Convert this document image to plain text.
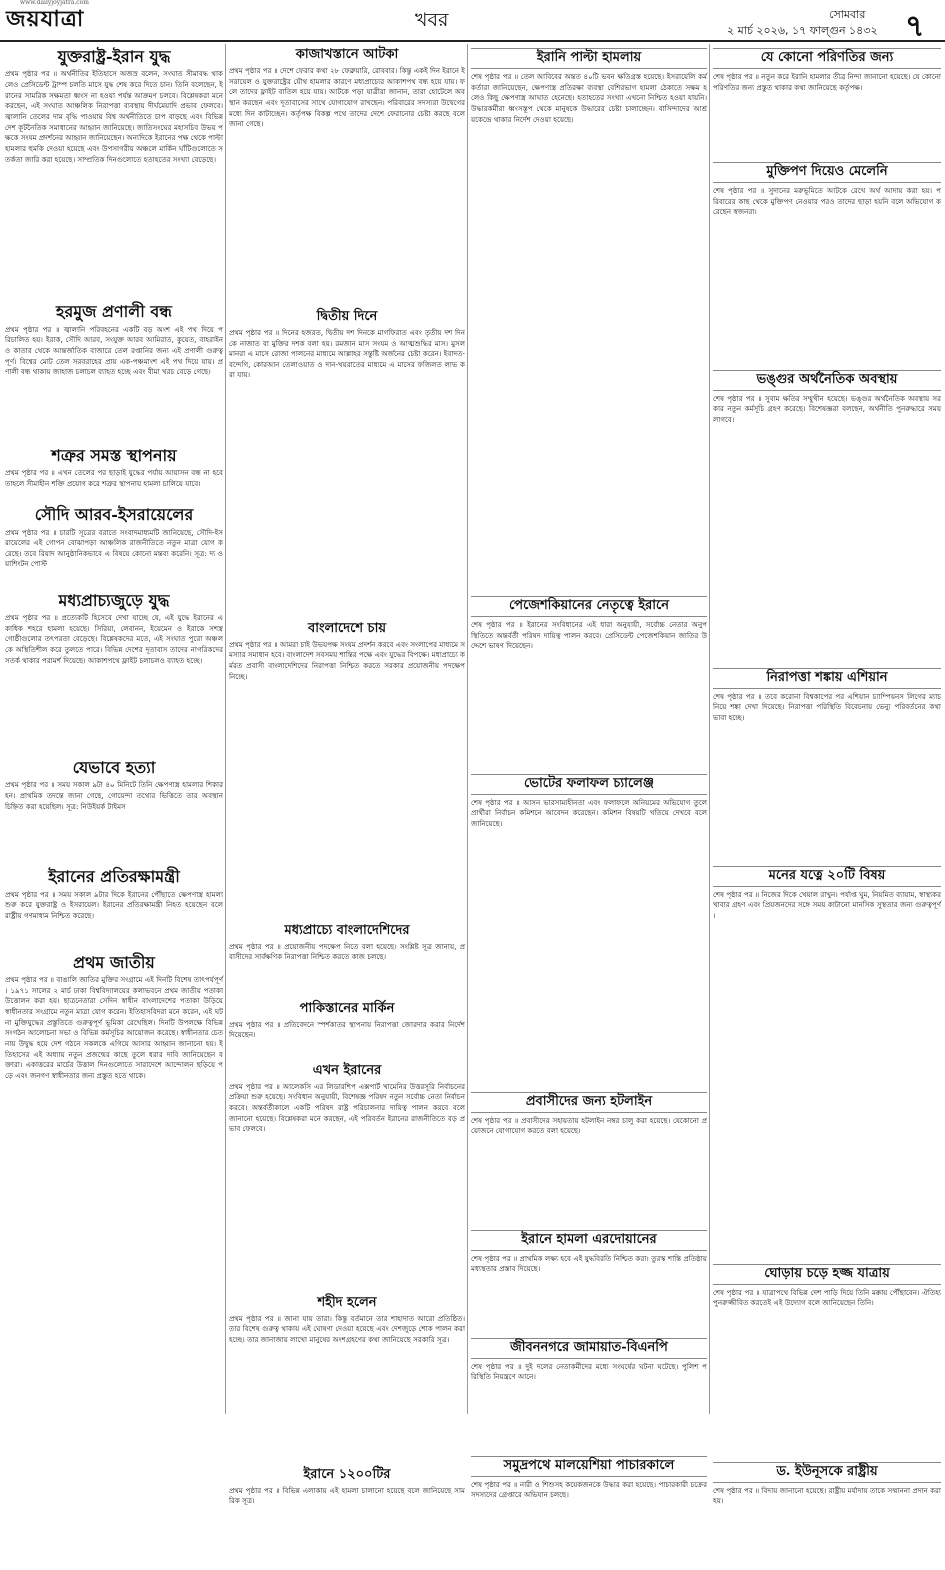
www.dailyjoyjatra.com
জয়যাত্রা	খবর	সোমবার
২ মার্চ ২০২৬, ১৭ ফাল্গুন ১৪৩২ ৭
যুক্তরাষ্ট্র-ইরান যুদ্ধ

প্রথম পৃষ্ঠার পর ॥ অর্থনীতির ইতিহাসে অজস্র বলেন, সংঘাত সীমাবদ্ধ থাকলেও প্রেসিডেন্ট ট্রাম্প চলতি মাসে যুদ্ধ শেষ করে দিতে চান। তিনি বলেছেন, ইরানের সামরিক সক্ষমতা ধ্বংস না হওয়া পর্যন্ত আক্রমণ চলবে। বিশ্লেষকরা মনে করছেন, এই সংঘাত আঞ্চলিক নিরাপত্তা ব্যবস্থায় দীর্ঘমেয়াদি প্রভাব ফেলবে। জ্বালানি তেলের দাম বৃদ্ধি পাওয়ায় বিশ্ব অর্থনীতিতে চাপ বাড়ছে এবং বিভিন্ন দেশ কূটনৈতিক সমাধানের আহ্বান জানিয়েছে। জাতিসংঘের মহাসচিব উভয় পক্ষকে সংযম প্রদর্শনের আহ্বান জানিয়েছেন। অন্যদিকে ইরানের পক্ষ থেকে পাল্টা হামলার হুমকি দেওয়া হয়েছে এবং উপসাগরীয় অঞ্চলে মার্কিন ঘাঁটিগুলোতে সতর্কতা জারি করা হয়েছে। সাম্প্রতিক দিনগুলোতে হতাহতের সংখ্যা বেড়েছে।

হরমুজ প্রণালী বন্ধ

প্রথম পৃষ্ঠার পর ॥ জ্বালানি পরিবহনের একটি বড় অংশ এই পথ দিয়ে পরিচালিত হয়। ইরাক, সৌদি আরব, সংযুক্ত আরব আমিরাত, কুয়েত, বাহরাইন ও কাতার থেকে আন্তর্জাতিক বাজারে তেল রপ্তানির জন্য এই প্রণালী গুরুত্বপূর্ণ। বিশ্বের মোট তেল সরবরাহের প্রায় এক-পঞ্চমাংশ এই পথ দিয়ে যায়। প্রণালী বন্ধ থাকায় জাহাজ চলাচল ব্যাহত হচ্ছে এবং বীমা খরচ বেড়ে গেছে।

শত্রুর সমস্ত স্থাপনায়

প্রথম পৃষ্ঠার পর ॥ এখন তেলের পর ছাড়াই যুদ্ধের পর্যায় আয়াসন বন্ধ না হবে তাহলে সীমাহীন শক্তি প্রয়োগ করে শত্রুর স্থাপনায় হামলা চালিয়ে যাবে।

সৌদি আরব-ইসরায়েলের

প্রথম পৃষ্ঠার পর ॥ চারটি সূত্রের বরাতে সংবাদমাধ্যমটি জানিয়েছে, সৌদি-ইসরায়েলের এই গোপন বোঝাপড়া আঞ্চলিক রাজনীতিতে নতুন মাত্রা যোগ করেছে। তবে রিয়াদ আনুষ্ঠানিকভাবে এ বিষয়ে কোনো মন্তব্য করেনি। সূত্র: দ্য ওয়াশিংটন পোস্ট

মধ্যপ্রাচ্যজুড়ে যুদ্ধ

প্রথম পৃষ্ঠার পর ॥ প্রত্যেকটি হিসেবে দেখা যাচ্ছে যে, এই যুদ্ধে ইরানের একাধিক শহরে হামলা হয়েছে। সিরিয়া, লেবানন, ইয়েমেন ও ইরাকে সশস্ত্র গোষ্ঠীগুলোর তৎপরতা বেড়েছে। বিশ্লেষকদের মতে, এই সংঘাত পুরো অঞ্চলকে অস্থিতিশীল করে তুলতে পারে। বিভিন্ন দেশের দূতাবাস তাদের নাগরিকদের সতর্ক থাকার পরামর্শ দিয়েছে। আকাশপথে ফ্লাইট চলাচলও ব্যাহত হচ্ছে।

যেভাবে হত্যা

প্রথম পৃষ্ঠার পর ॥ সময় সকাল ৯টা ৪০ মিনিটে তিনি ক্ষেপণাস্ত্র হামলার শিকার হন। প্রাথমিক তদন্তে জানা গেছে, গোয়েন্দা তথ্যের ভিত্তিতে তার অবস্থান চিহ্নিত করা হয়েছিল। সূত্র: নিউইয়র্ক টাইমস

ইরানের প্রতিরক্ষামন্ত্রী

প্রথম পৃষ্ঠার পর ॥ সময় সকাল ৯টার দিকে ইরানের পৌঁছাতে ক্ষেপণাস্ত্র হামলা শুরু করে যুক্তরাষ্ট্র ও ইসরায়েল। ইরানের প্রতিরক্ষামন্ত্রী নিহত হয়েছেন বলে রাষ্ট্রীয় গণমাধ্যম নিশ্চিত করেছে।

প্রথম জাতীয়

প্রথম পৃষ্ঠার পর ॥ বাঙালি জাতির মুক্তির সংগ্রামে এই দিনটি বিশেষ তাৎপর্যপূর্ণ। ১৯৭১ সালের ২ মার্চ ঢাকা বিশ্ববিদ্যালয়ের কলাভবনে প্রথম জাতীয় পতাকা উত্তোলন করা হয়। ছাত্রনেতারা সেদিন স্বাধীন বাংলাদেশের পতাকা উড়িয়ে স্বাধীনতার সংগ্রামে নতুন মাত্রা যোগ করেন। ইতিহাসবিদরা মনে করেন, এই ঘটনা মুক্তিযুদ্ধের প্রস্তুতিতে গুরুত্বপূর্ণ ভূমিকা রেখেছিল। দিনটি উপলক্ষে বিভিন্ন সংগঠন আলোচনা সভা ও বিভিন্ন কর্মসূচির আয়োজন করেছে। স্বাধীনতার চেতনায় উদ্বুদ্ধ হয়ে দেশ গঠনে সকলকে এগিয়ে আসার আহ্বান জানানো হয়। ইতিহাসের এই অধ্যায় নতুন প্রজন্মের কাছে তুলে ধরার দাবি জানিয়েছেন বক্তারা। একাত্তরের মার্চের উত্তাল দিনগুলোতে সারাদেশে আন্দোলন ছড়িয়ে পড়ে এবং জনগণ স্বাধীনতার জন্য প্রস্তুত হতে থাকে।

কাজাখস্তানে আটকা

প্রথম পৃষ্ঠার পর ॥ দেশে ফেরার কথা ২৮ ফেব্রুয়ারি, রোববার। কিন্তু একই দিন ইরানে ইসরায়েল ও যুক্তরাষ্ট্রের যৌথ হামলার কারণে মধ্যপ্রাচ্যের আকাশপথ বন্ধ হয়ে যায়। ফলে তাদের ফ্লাইট বাতিল হয়ে যায়। আটকে পড়া যাত্রীরা জানান, তারা হোটেলে অবস্থান করছেন এবং দূতাবাসের সাথে যোগাযোগ রাখছেন। পরিবারের সদস্যরা উদ্বেগের মধ্যে দিন কাটাচ্ছেন। কর্তৃপক্ষ বিকল্প পথে তাদের দেশে ফেরানোর চেষ্টা করছে বলে জানা গেছে।

দ্বিতীয় দিনে

প্রথম পৃষ্ঠার পর ॥ দিনের হজরত, দ্বিতীয় দশ দিনকে মাগফিরাত এবং তৃতীয় দশ দিনকে নাজাত বা মুক্তির দশক বলা হয়। রমজান মাস সংযম ও আত্মশুদ্ধির মাস। মুসলমানরা এ মাসে রোজা পালনের মাধ্যমে আল্লাহর সন্তুষ্টি অর্জনের চেষ্টা করেন। ইবাদত-বন্দেগি, কোরআন তেলাওয়াত ও দান-খয়রাতের মাধ্যমে এ মাসের ফজিলত লাভ করা যায়।

বাংলাদেশে চায়

প্রথম পৃষ্ঠার পর ॥ আমরা চাই উভয়পক্ষ সংযম প্রদর্শন করবে এবং সংলাপের মাধ্যমে সমস্যার সমাধান হবে। বাংলাদেশ সবসময় শান্তির পক্ষে এবং যুদ্ধের বিপক্ষে। মধ্যপ্রাচ্যে কর্মরত প্রবাসী বাংলাদেশিদের নিরাপত্তা নিশ্চিত করতে সরকার প্রয়োজনীয় পদক্ষেপ নিচ্ছে।

মধ্যপ্রাচ্যে বাংলাদেশিদের

প্রথম পৃষ্ঠার পর ॥ প্রয়োজনীয় পদক্ষেপ নিতে বলা হয়েছে। সংশ্লিষ্ট সূত্র জানায়, প্রবাসীদের সার্বক্ষণিক নিরাপত্তা নিশ্চিত করতে কাজ চলছে।

পাকিস্তানের মার্কিন

প্রথম পৃষ্ঠার পর ॥ প্রতিবেদনে স্পর্শকাতর স্থাপনায় নিরাপত্তা জোরদার করার নির্দেশ দিয়েছেন।

এখন ইরানের

প্রথম পৃষ্ঠার পর ॥ আলেকসি এর লিডারশিপ এক্সপার্ট খামেনির উত্তরসূরি নির্বাচনের প্রক্রিয়া শুরু হয়েছে। সংবিধান অনুযায়ী, বিশেষজ্ঞ পরিষদ নতুন সর্বোচ্চ নেতা নির্বাচন করবে। অন্তর্বর্তীকালে একটি পরিষদ রাষ্ট্র পরিচালনার দায়িত্ব পালন করবে বলে জানানো হয়েছে। বিশ্লেষকরা মনে করছেন, এই পরিবর্তন ইরানের রাজনীতিতে বড় প্রভাব ফেলবে।

শহীদ হলেন

প্রথম পৃষ্ঠার পর ॥ জানা যায় তারা। কিন্তু বর্তমানে তার শাহাদাত আরো প্রতিষ্ঠিত। তার বিশেষ গুরুত্ব থাকায় এই ঘোষণা দেওয়া হয়েছে এবং দেশজুড়ে শোক পালন করা হচ্ছে। তার জানাজায় লাখো মানুষের অংশগ্রহণের কথা জানিয়েছে সরকারি সূত্র।

ইরানে ১২০০টির

প্রথম পৃষ্ঠার পর ॥ বিভিন্ন এলাকায় এই হামলা চালানো হয়েছে বলে জানিয়েছে সামরিক সূত্র।

ইরানি পাল্টা হামলায়

শেষ পৃষ্ঠার পর ॥ তেল আবিবের অন্তত ৪০টি ভবন ক্ষতিগ্রস্ত হয়েছে। ইসরায়েলি কর্মকর্তারা জানিয়েছেন, ক্ষেপণাস্ত্র প্রতিরক্ষা ব্যবস্থা বেশিরভাগ হামলা ঠেকাতে সক্ষম হলেও কিছু ক্ষেপণাস্ত্র আঘাত হেনেছে। হতাহতের সংখ্যা এখনো নিশ্চিত হওয়া যায়নি। উদ্ধারকর্মীরা ধ্বংসস্তূপ থেকে মানুষকে উদ্ধারের চেষ্টা চালাচ্ছেন। বাসিন্দাদের আশ্রয়কেন্দ্রে থাকার নির্দেশ দেওয়া হয়েছে।

পেজেশকিয়ানের নেতৃত্বে ইরানে

শেষ পৃষ্ঠার পর ॥ ইরানের সংবিধানের এই ধারা অনুযায়ী, সর্বোচ্চ নেতার অনুপস্থিতিতে অন্তর্বর্তী পরিষদ দায়িত্ব পালন করবে। প্রেসিডেন্ট পেজেশকিয়ান জাতির উদ্দেশে ভাষণ দিয়েছেন।

ভোটের ফলাফল চ্যালেঞ্জ

শেষ পৃষ্ঠার পর ॥ আসন ভারসাম্যহীনতা এবং ফলাফলে অনিয়মের অভিযোগ তুলে প্রার্থীরা নির্বাচন কমিশনে আবেদন করেছেন। কমিশন বিষয়টি খতিয়ে দেখবে বলে জানিয়েছে।

প্রবাসীদের জন্য হটলাইন

শেষ পৃষ্ঠার পর ॥ প্রবাসীদের সহায়তায় হটলাইন নম্বর চালু করা হয়েছে। যেকোনো প্রয়োজনে যোগাযোগ করতে বলা হয়েছে।

ইরানে হামলা এরদোয়ানের

শেষ পৃষ্ঠার পর ॥ প্রাথমিক লক্ষ্য হবে এই যুদ্ধবিরতি নিশ্চিত করা। তুরস্ক শান্তি প্রতিষ্ঠায় মধ্যস্থতার প্রস্তাব দিয়েছে।

জীবননগরে জামায়াত-বিএনপি

শেষ পৃষ্ঠার পর ॥ দুই দলের নেতাকর্মীদের মধ্যে সংঘর্ষের ঘটনা ঘটেছে। পুলিশ পরিস্থিতি নিয়ন্ত্রণে আনে।

সমুদ্রপথে মালয়েশিয়া পাচারকালে

শেষ পৃষ্ঠার পর ॥ নারী ও শিশুসহ কয়েকজনকে উদ্ধার করা হয়েছে। পাচারকারী চক্রের সদস্যদের গ্রেপ্তারে অভিযান চলছে।

যে কোনো পরিণতির জন্য

শেষ পৃষ্ঠার পর ॥ নতুন করে ইরানি হামলার তীব্র নিন্দা জানানো হয়েছে। যে কোনো পরিণতির জন্য প্রস্তুত থাকার কথা জানিয়েছে কর্তৃপক্ষ।

মুক্তিপণ দিয়েও মেলেনি

শেষ পৃষ্ঠার পর ॥ সুদানের মরুভূমিতে আটকে রেখে অর্থ আদায় করা হয়। পরিবারের কাছ থেকে মুক্তিপণ নেওয়ার পরও তাদের ছাড়া হয়নি বলে অভিযোগ করেছেন স্বজনরা।

ভঙ্গুর অর্থনৈতিক অবস্থায়

শেষ পৃষ্ঠার পর ॥ সুবাম ক্ষতির সম্মুখীন হয়েছে। ভঙ্গুর অর্থনৈতিক অবস্থায় সরকার নতুন কর্মসূচি গ্রহণ করেছে। বিশেষজ্ঞরা বলছেন, অর্থনীতি পুনরুদ্ধারে সময় লাগবে।

নিরাপত্তা শঙ্কায় এশিয়ান

শেষ পৃষ্ঠার পর ॥ তবে করোনা বিশ্বকাপের পর এশিয়ান চ্যাম্পিয়নস লিগের ম্যাচ নিয়ে শঙ্কা দেখা দিয়েছে। নিরাপত্তা পরিস্থিতি বিবেচনায় ভেন্যু পরিবর্তনের কথা ভাবা হচ্ছে।

মনের যত্নে ২০টি বিষয়

শেষ পৃষ্ঠার পর ॥ নিজের দিকে খেয়াল রাখুন। পর্যাপ্ত ঘুম, নিয়মিত ব্যায়াম, স্বাস্থ্যকর খাবার গ্রহণ এবং প্রিয়জনদের সঙ্গে সময় কাটানো মানসিক সুস্থতার জন্য গুরুত্বপূর্ণ।

ঘোড়ায় চড়ে হজ্জ যাত্রায়

শেষ পৃষ্ঠার পর ॥ যাত্রাপথে বিভিন্ন দেশ পাড়ি দিয়ে তিনি মক্কায় পৌঁছাবেন। ঐতিহ্য পুনরুজ্জীবিত করতেই এই উদ্যোগ বলে জানিয়েছেন তিনি।

ড. ইউনূসকে রাষ্ট্রীয়

শেষ পৃষ্ঠার পর ॥ বিদায় জানানো হয়েছে। রাষ্ট্রীয় মর্যাদায় তাকে সম্মাননা প্রদান করা হয়।
